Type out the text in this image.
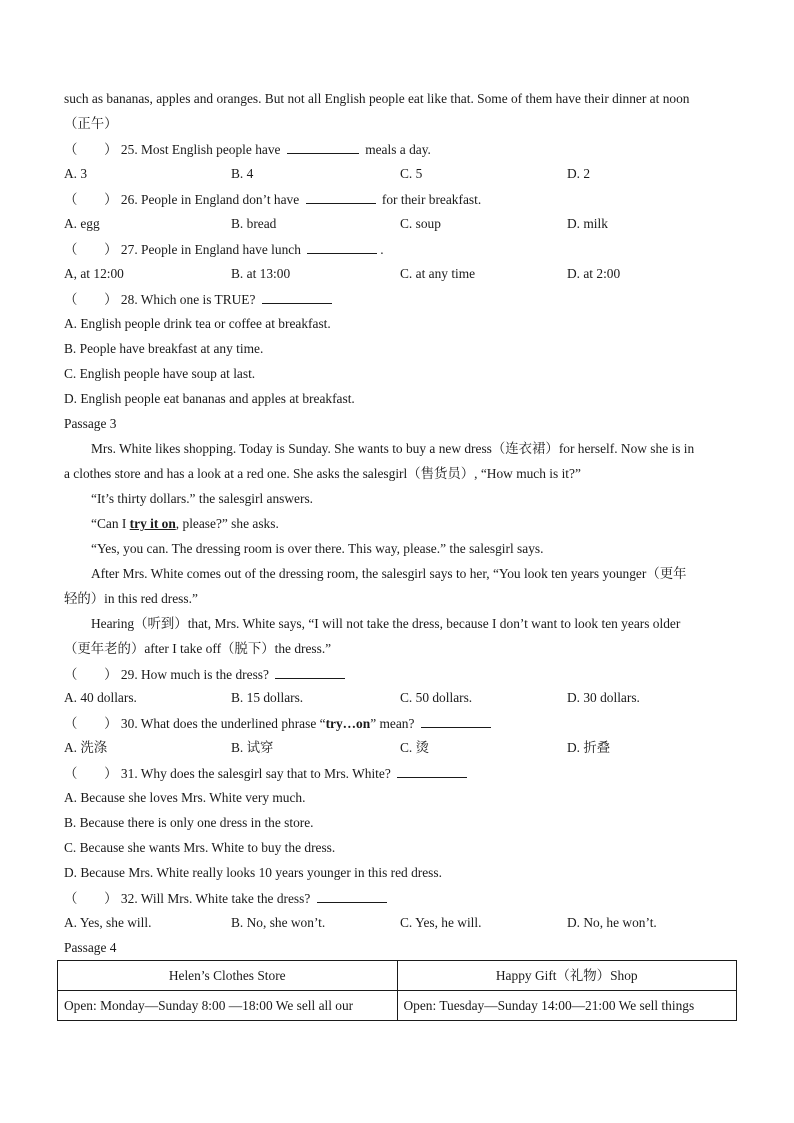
such as bananas, apples and oranges. But not all English people eat like that. Some of them have their dinner at noon
（正午）
（　　） 25. Most English people have	meals a day.
A. 3	B. 4	C. 5	D. 2
（　　） 26. People in England don’t have	for their breakfast.
A. egg	B. bread	C. soup	D. milk
（　　） 27. People in England have lunch	.
A, at 12:00	B. at 13:00	C. at any time	D. at 2:00
（　　） 28. Which one is TRUE?
A. English people drink tea or coffee at breakfast.
B. People have breakfast at any time.
C. English people have soup at last.
D. English people eat bananas and apples at breakfast.
Passage 3
Mrs. White likes shopping. Today is Sunday. She wants to buy a new dress（连衣裙）for herself. Now she is in
a clothes store and has a look at a red one. She asks the salesgirl（售货员）, “How much is it?”
“It’s thirty dollars.” the salesgirl answers.
“Can I try it on, please?” she asks.
“Yes, you can. The dressing room is over there. This way, please.” the salesgirl says.
After Mrs. White comes out of the dressing room, the salesgirl says to her, “You look ten years younger（更年
轻的）in this red dress.”
Hearing（听到）that, Mrs. White says, “I will not take the dress, because I don’t want to look ten years older
（更年老的）after I take off（脱下）the dress.”
（　　） 29. How much is the dress?
A. 40 dollars.	B. 15 dollars.	C. 50 dollars.	D. 30 dollars.
（　　） 30. What does the underlined phrase “try…on” mean?
A. 洗涤	B. 试穿	C. 烫	D. 折叠
（　　） 31. Why does the salesgirl say that to Mrs. White?
A. Because she loves Mrs. White very much.
B. Because there is only one dress in the store.
C. Because she wants Mrs. White to buy the dress.
D. Because Mrs. White really looks 10 years younger in this red dress.
（　　） 32. Will Mrs. White take the dress?
A. Yes, she will.	B. No, she won’t.	C. Yes, he will.	D. No, he won’t.
Passage 4
Helen’s Clothes Store	Happy Gift（礼物）Shop
Open: Monday—Sunday 8:00 —18:00 We sell all our	Open: Tuesday—Sunday 14:00—21:00 We sell things
